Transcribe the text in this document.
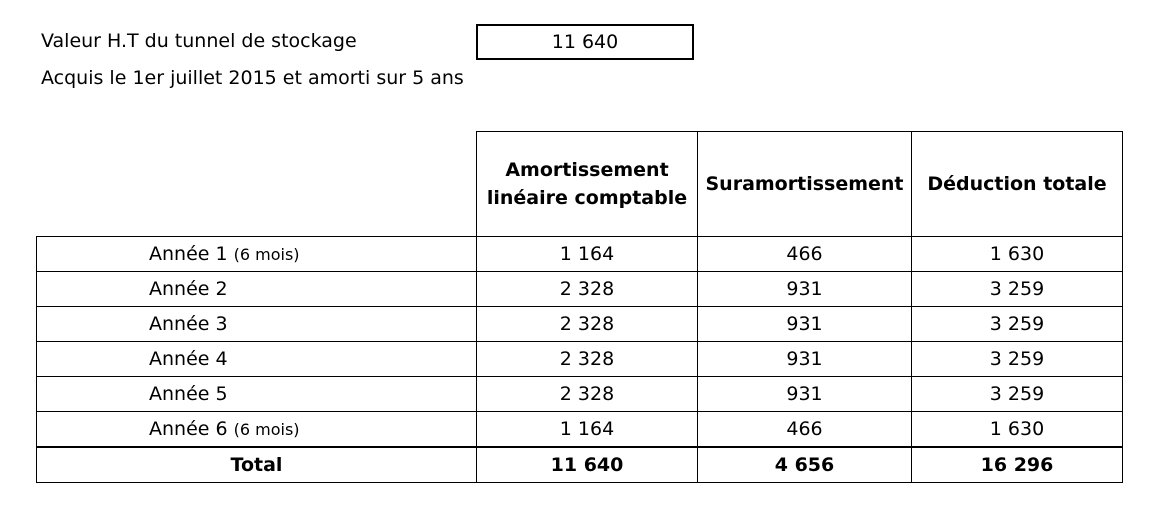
Valeur H.T du tunnel de stockage	11 640
Acquis le 1er juillet 2015 et amorti sur 5 ans
	Amortissement linéaire comptable	Suramortissement	Déduction totale
Année 1 (6 mois)	1 164	466	1 630
Année 2	2 328	931	3 259
Année 3	2 328	931	3 259
Année 4	2 328	931	3 259
Année 5	2 328	931	3 259
Année 6 (6 mois)	1 164	466	1 630
Total	11 640	4 656	16 296
